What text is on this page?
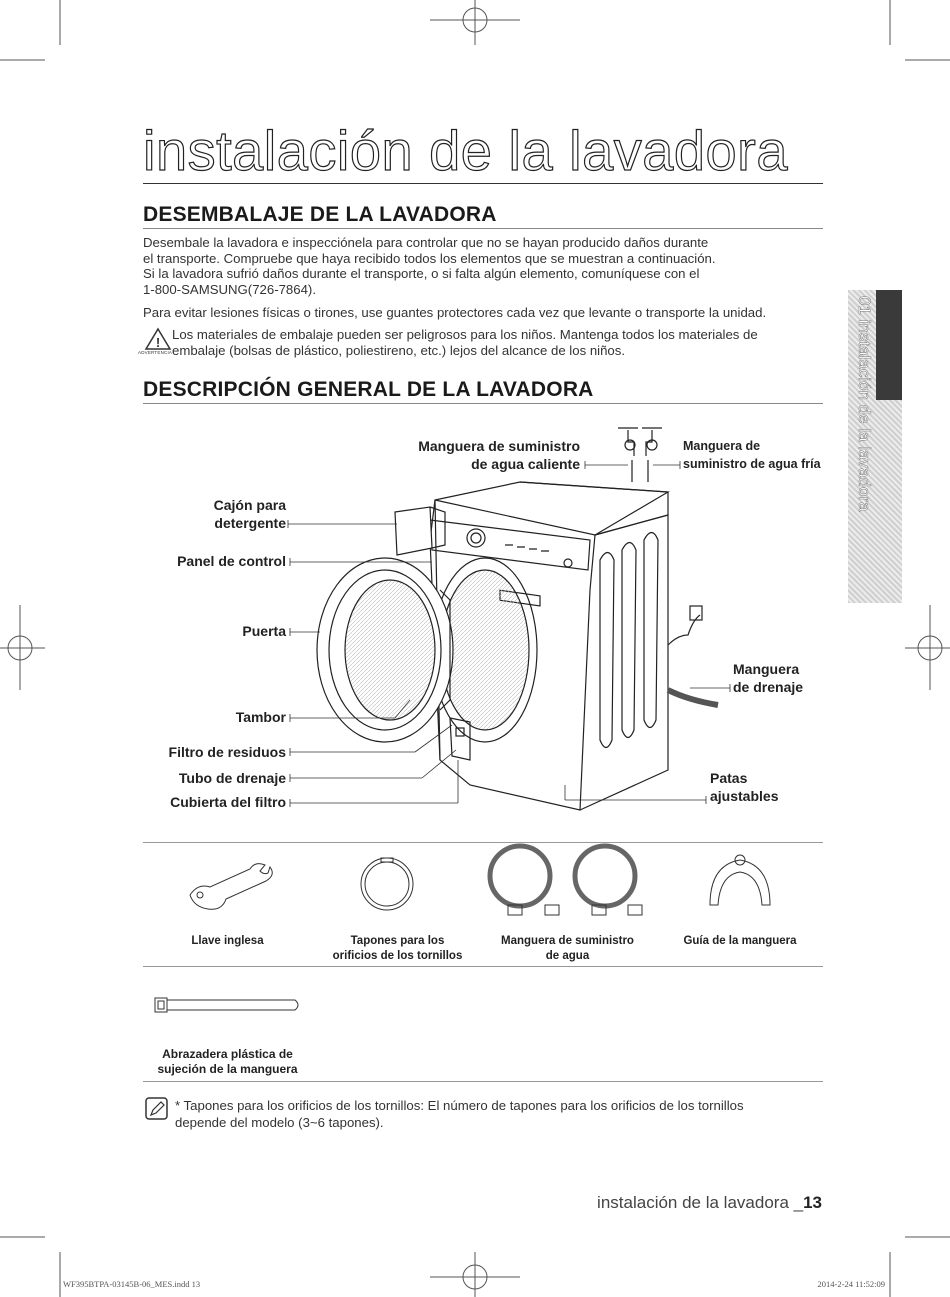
01 instalación de la lavadora
instalación de la lavadora
DESEMBALAJE DE LA LAVADORA
Desembale la lavadora e inspecciónela para controlar que no se hayan producido daños durante
el transporte. Compruebe que haya recibido todos los elementos que se muestran a continuación.
Si la lavadora sufrió daños durante el transporte, o si falta algún elemento, comuníquese con el
1-800-SAMSUNG(726-7864).
Para evitar lesiones físicas o tirones, use guantes protectores cada vez que levante o transporte la unidad.
!
ADVERTENCIA
Los materiales de embalaje pueden ser peligrosos para los niños. Mantenga todos los materiales de
embalaje (bolsas de plástico, poliestireno, etc.) lejos del alcance de los niños.
DESCRIPCIÓN GENERAL DE LA LAVADORA
Manguera de suministro
de agua caliente
Manguera de
suministro de agua fría
Cajón para
detergente
Panel de control
Puerta
Tambor
Filtro de residuos
Tubo de drenaje
Cubierta del filtro
Manguera
de drenaje
Patas
ajustables
Llave inglesa	Tapones para los
orificios de los tornillos
Manguera de suministro
de agua
Guía de la manguera
Abrazadera plástica de
sujeción de la manguera
* Tapones para los orificios de los tornillos: El número de tapones para los orificios de los tornillos
depende del modelo (3~6 tapones).
instalación de la lavadora _13
WF395BTPA-03145B-06_MES.indd 13	2014-2-24 11:52:09
